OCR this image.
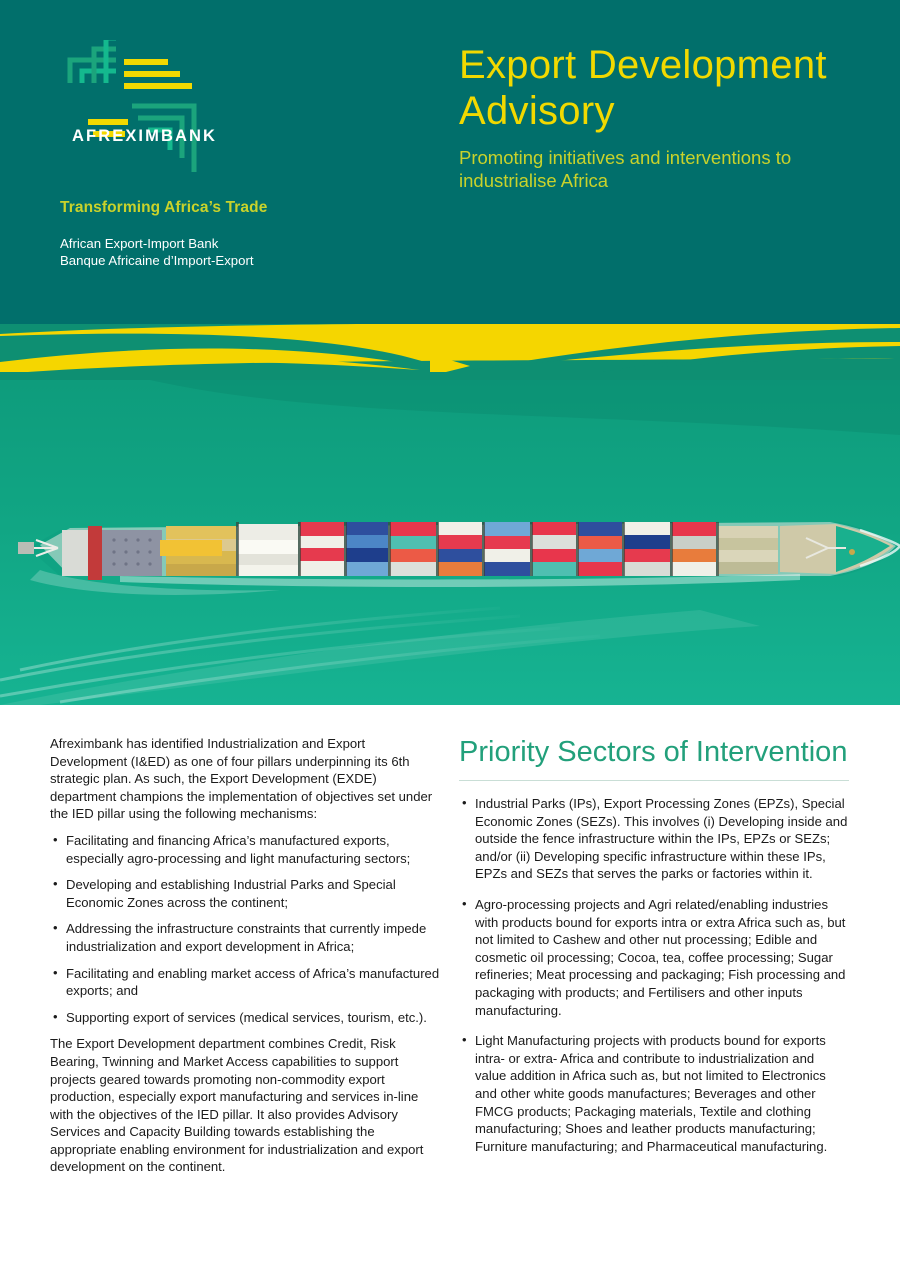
AFREXIMBANK
Transforming Africa’s Trade
African Export-Import Bank
Banque Africaine d’Import-Export
Export Development Advisory
Promoting initiatives and interventions to industrialise Africa

Afreximbank has identified Industrialization and Export Development (I&ED) as one of four pillars underpinning its 6th strategic plan. As such, the Export Development (EXDE) department champions the implementation of objectives set under the IED pillar using the following mechanisms:

• Facilitating and financing Africa’s manufactured exports, especially agro-processing and light manufacturing sectors;
• Developing and establishing Industrial Parks and Special Economic Zones across the continent;
• Addressing the infrastructure constraints that currently impede industrialization and export development in Africa;
• Facilitating and enabling market access of Africa’s manufactured exports; and
• Supporting export of services (medical services, tourism, etc.).

The Export Development department combines Credit, Risk Bearing, Twinning and Market Access capabilities to support projects geared towards promoting non-commodity export production, especially export manufacturing and services in-line with the objectives of the IED pillar. It also provides Advisory Services and Capacity Building towards establishing the appropriate enabling environment for industrialization and export development on the continent.

Priority Sectors of Intervention
• Industrial Parks (IPs), Export Processing Zones (EPZs), Special Economic Zones (SEZs). This involves (i) Developing inside and outside the fence infrastructure within the IPs, EPZs or SEZs; and/or (ii) Developing specific infrastructure within these IPs, EPZs and SEZs that serves the parks or factories within it.
• Agro-processing projects and Agri related/enabling industries with products bound for exports intra or extra Africa such as, but not limited to Cashew and other nut processing; Edible and cosmetic oil processing; Cocoa, tea, coffee processing; Sugar refineries; Meat processing and packaging; Fish processing and packaging with products; and Fertilisers and other inputs manufacturing.
• Light Manufacturing projects with products bound for exports intra- or extra- Africa and contribute to industrialization and value addition in Africa such as, but not limited to Electronics and other white goods manufactures; Beverages and other FMCG products; Packaging materials, Textile and clothing manufacturing; Shoes and leather products manufacturing; Furniture manufacturing; and Pharmaceutical manufacturing.
